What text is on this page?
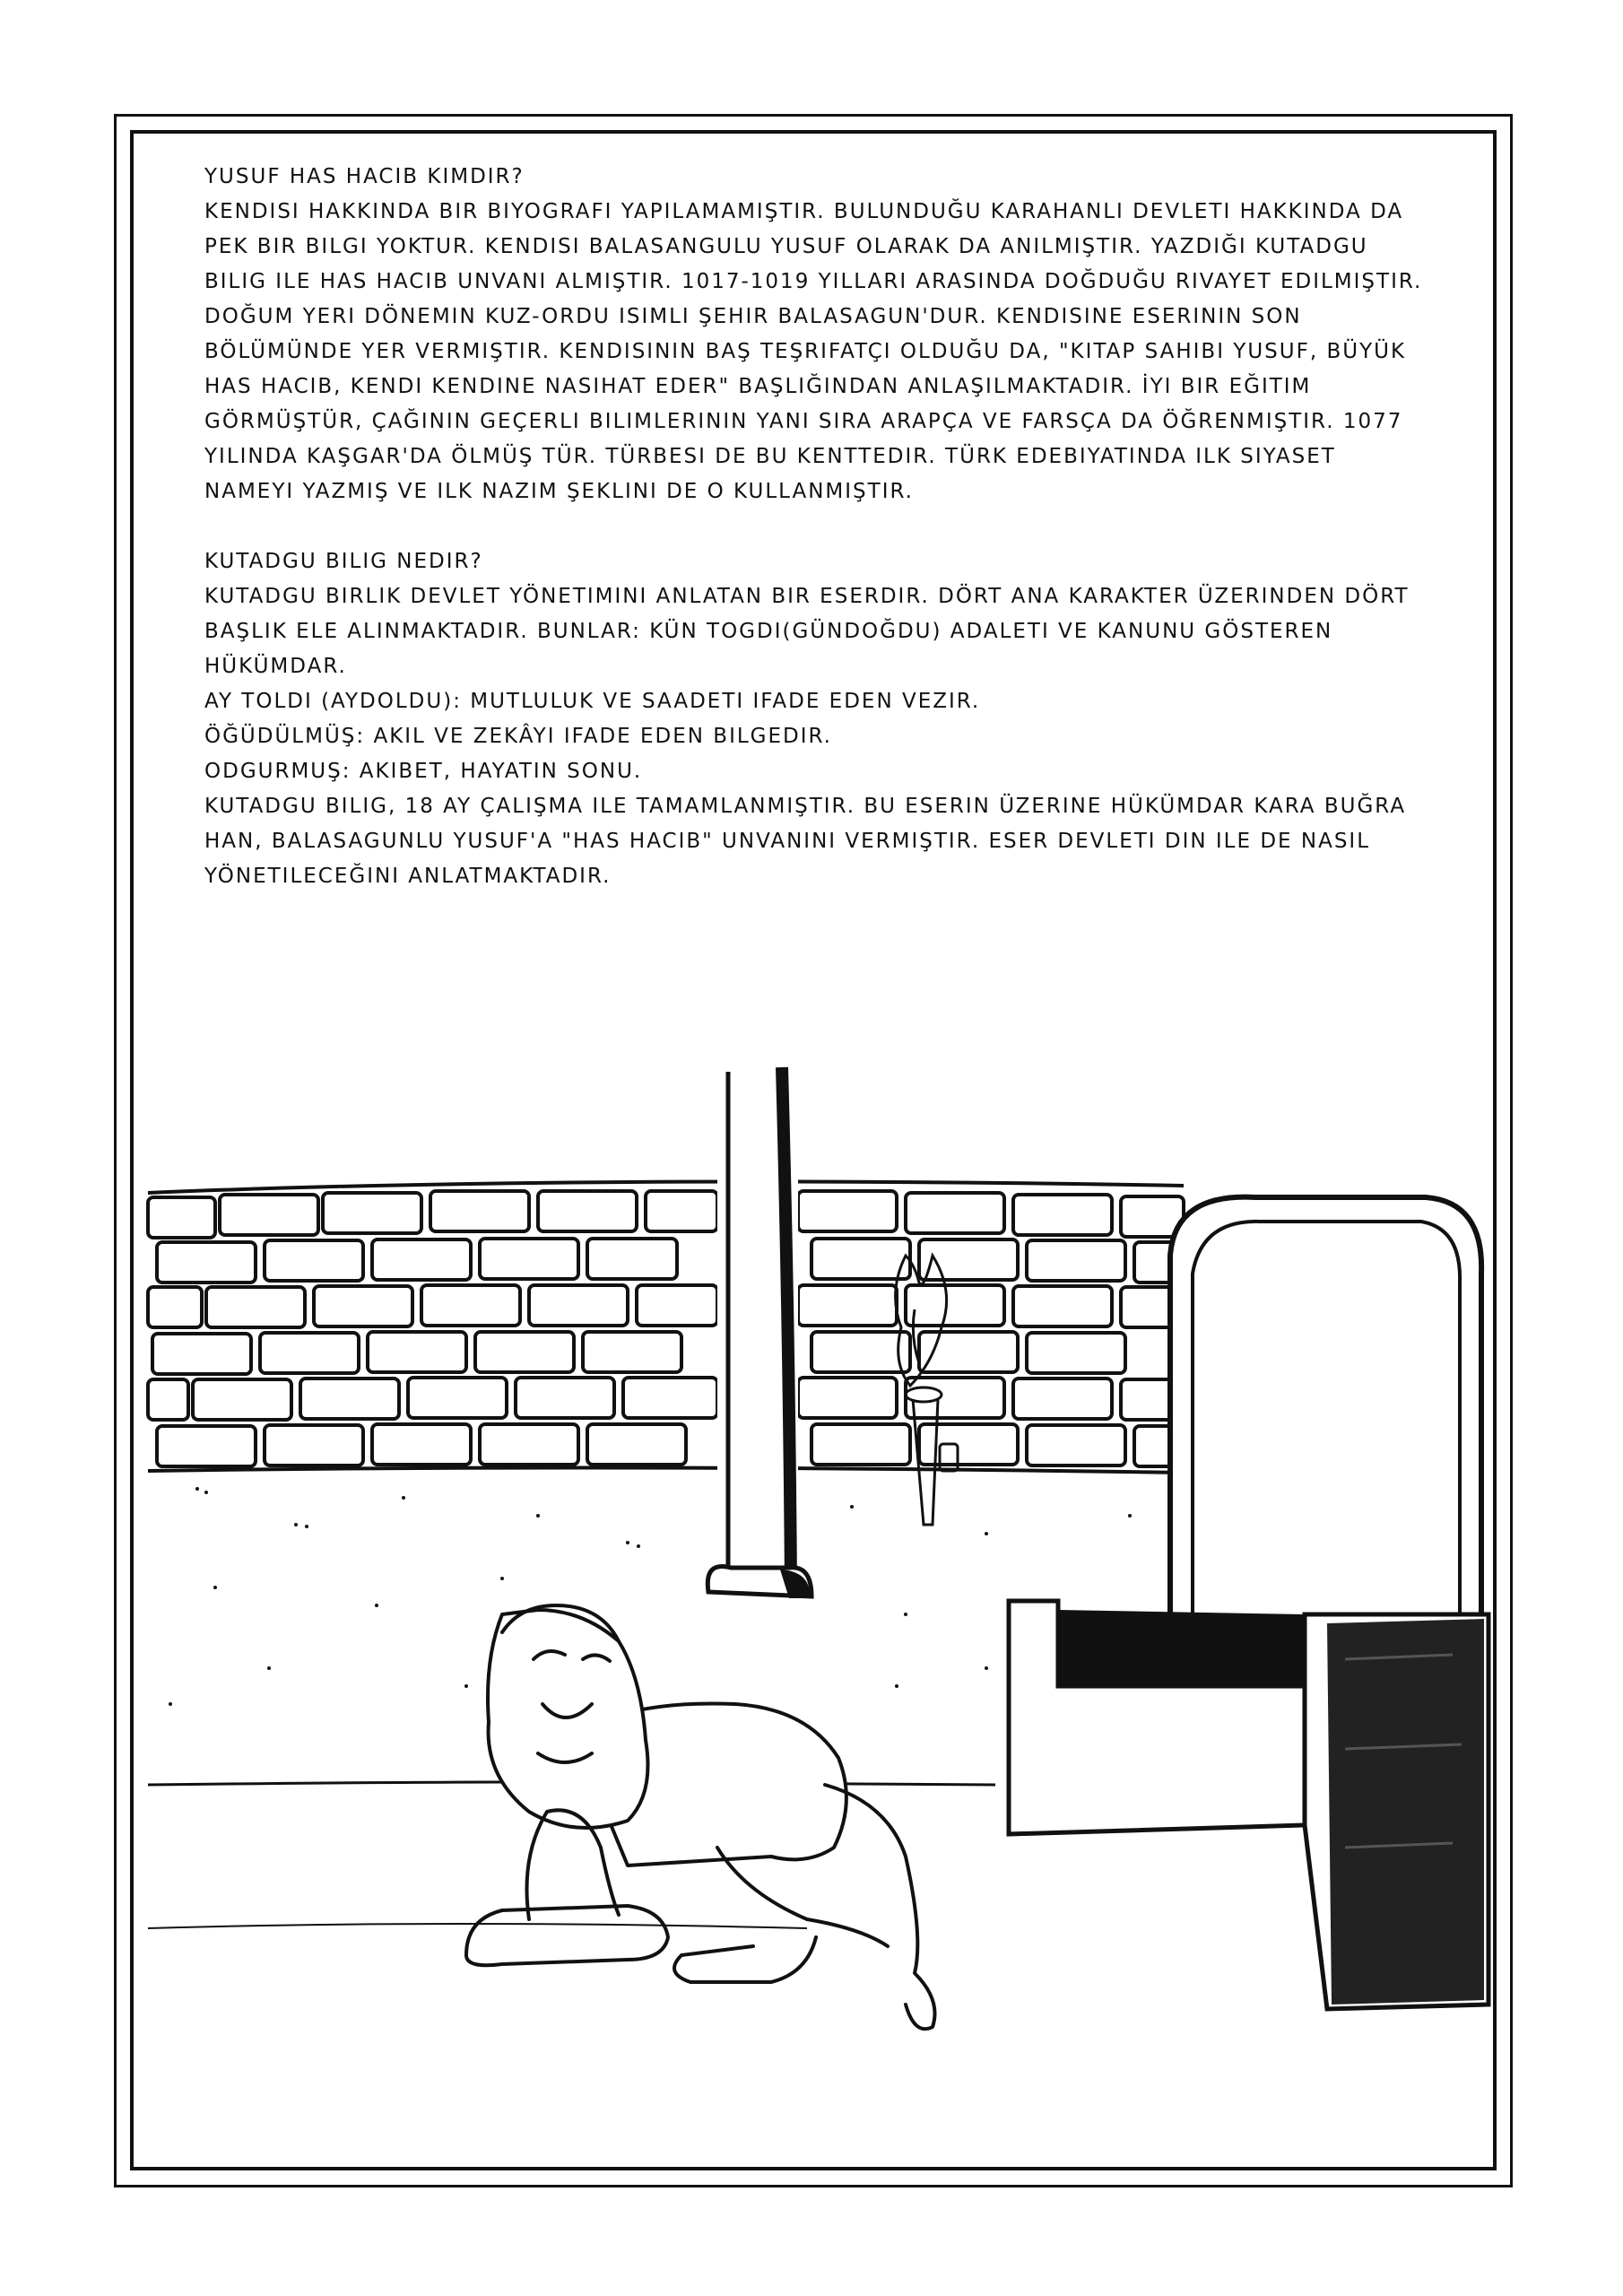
YUSUF HAS HACIB KIMDIR?

KENDISI HAKKINDA BIR BIYOGRAFI YAPILAMAMIŞTIR. BULUNDUĞU KARAHANLI DEVLETI HAKKINDA DA

PEK BIR BILGI YOKTUR. KENDISI BALASANGULU YUSUF OLARAK DA ANILMIŞTIR. YAZDIĞI KUTADGU

BILIG ILE HAS HACIB UNVANI ALMIŞTIR. 1017-1019 YILLARI ARASINDA DOĞDUĞU RIVAYET EDILMIŞTIR.

DOĞUM YERI DÖNEMIN KUZ-ORDU ISIMLI ŞEHIR BALASAGUN'DUR. KENDISINE ESERININ SON

BÖLÜMÜNDE YER VERMIŞTIR. KENDISININ BAŞ TEŞRIFATÇI OLDUĞU DA, "KITAP SAHIBI YUSUF, BÜYÜK

HAS HACIB, KENDI KENDINE NASIHAT EDER" BAŞLIĞINDAN ANLAŞILMAKTADIR. İYI BIR EĞITIM

GÖRMÜŞTÜR, ÇAĞININ GEÇERLI BILIMLERININ YANI SIRA ARAPÇA VE FARSÇA DA ÖĞRENMIŞTIR. 1077

YILINDA KAŞGAR'DA ÖLMÜŞ TÜR. TÜRBESI DE BU KENTTEDIR. TÜRK EDEBIYATINDA ILK SIYASET

NAMEYI YAZMIŞ VE ILK NAZIM ŞEKLINI DE O KULLANMIŞTIR.

KUTADGU BILIG NEDIR?

KUTADGU BIRLIK DEVLET YÖNETIMINI ANLATAN BIR ESERDIR. DÖRT ANA KARAKTER ÜZERINDEN DÖRT

BAŞLIK ELE ALINMAKTADIR. BUNLAR: KÜN TOGDI(GÜNDOĞDU) ADALETI VE KANUNU GÖSTEREN

HÜKÜMDAR.

AY TOLDI (AYDOLDU): MUTLULUK VE SAADETI IFADE EDEN VEZIR.

ÖĞÜDÜLMÜŞ: AKIL VE ZEKÂYI IFADE EDEN BILGEDIR.

ODGURMUŞ: AKIBET, HAYATIN SONU.

KUTADGU BILIG, 18 AY ÇALIŞMA ILE TAMAMLANMIŞTIR. BU ESERIN ÜZERINE HÜKÜMDAR KARA BUĞRA

HAN, BALASAGUNLU YUSUF'A "HAS HACIB" UNVANINI VERMIŞTIR. ESER DEVLETI DIN ILE DE NASIL

YÖNETILECEĞINI ANLATMAKTADIR.
